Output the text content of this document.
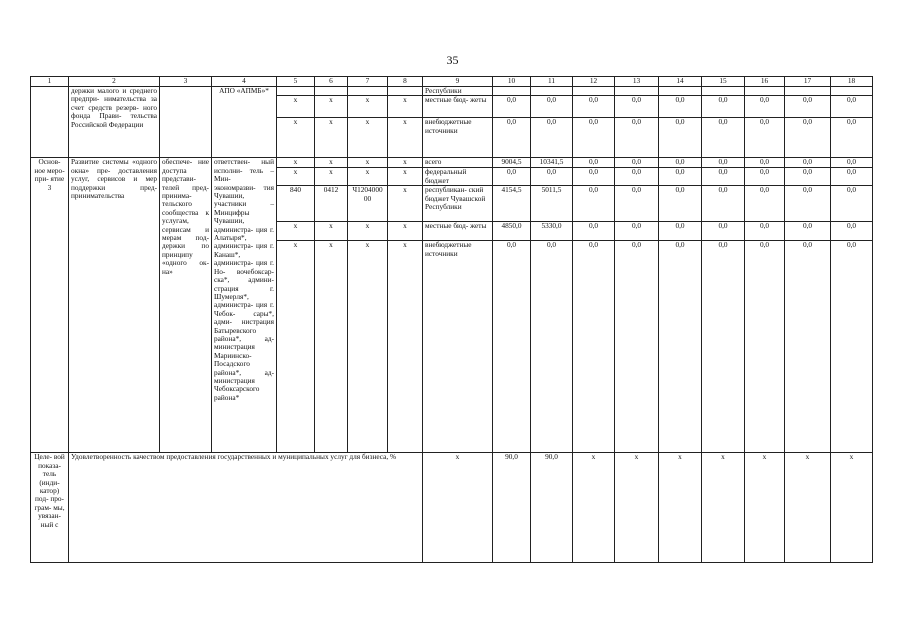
35
1	2	3	4	5	6	7	8	9	10	11	12	13	14	15	16	17	18
	держки малого и среднего предпри- нимательства за счет средств резерв- ного фонда Прави- тельства Российской Федерации		АПО «АПМБ»*					Республики									
				x	x	x	x	местные бюд- жеты	0,0	0,0	0,0	0,0	0,0	0,0	0,0	0,0	0,0
				x	x	x	x	внебюджетные источники	0,0	0,0	0,0	0,0	0,0	0,0	0,0	0,0	0,0
Основ- ное меро- при- ятие 3	Развитие системы «одного окна» пре- доставления услуг, сервисов и мер поддержки пред- принимательства	обеспече- ние доступа представи- телей пред- принима- тельского сообщества к услугам, сервисам и мерам под- держки по принципу «одного ок- на»	ответствен- ный исполни- тель – Мин- экономразви- тия Чувашии, участники – Минцифры Чувашии, администра- ция г. Алатыря*, администра- ция г. Канаш*, администра- ция г. Но- вочебоксар- ска*, админи- страция г. Шумерля*, администра- ция г. Чебок- сары*, адми- нистрация Батыревского района*, ад- министрация Мариинско- Посадского района*, ад- министрация Чебоксарского района*	x	x	x	x	всего	9004,5	10341,5	0,0	0,0	0,0	0,0	0,0	0,0	0,0
				x	x	x	x	федеральный бюджет	0,0	0,0	0,0	0,0	0,0	0,0	0,0	0,0	0,0
				840	0412	Ч1204000 00	x	республикан- ский бюджет Чувашской Республики	4154,5	5011,5	0,0	0,0	0,0	0,0	0,0	0,0	0,0
				x	x	x	x	местные бюд- жеты	4850,0	5330,0	0,0	0,0	0,0	0,0	0,0	0,0	0,0
				x	x	x	x	внебюджетные источники	0,0	0,0	0,0	0,0	0,0	0,0	0,0	0,0	0,0
Целе- вой показа- тель (инди- катор) под- про- грам- мы, увязан- ный с	Удовлетворенность качеством предоставления государственных и муниципальных услуг для бизнеса, %							x	90,0	90,0	x	x	x	x	x	x	x
